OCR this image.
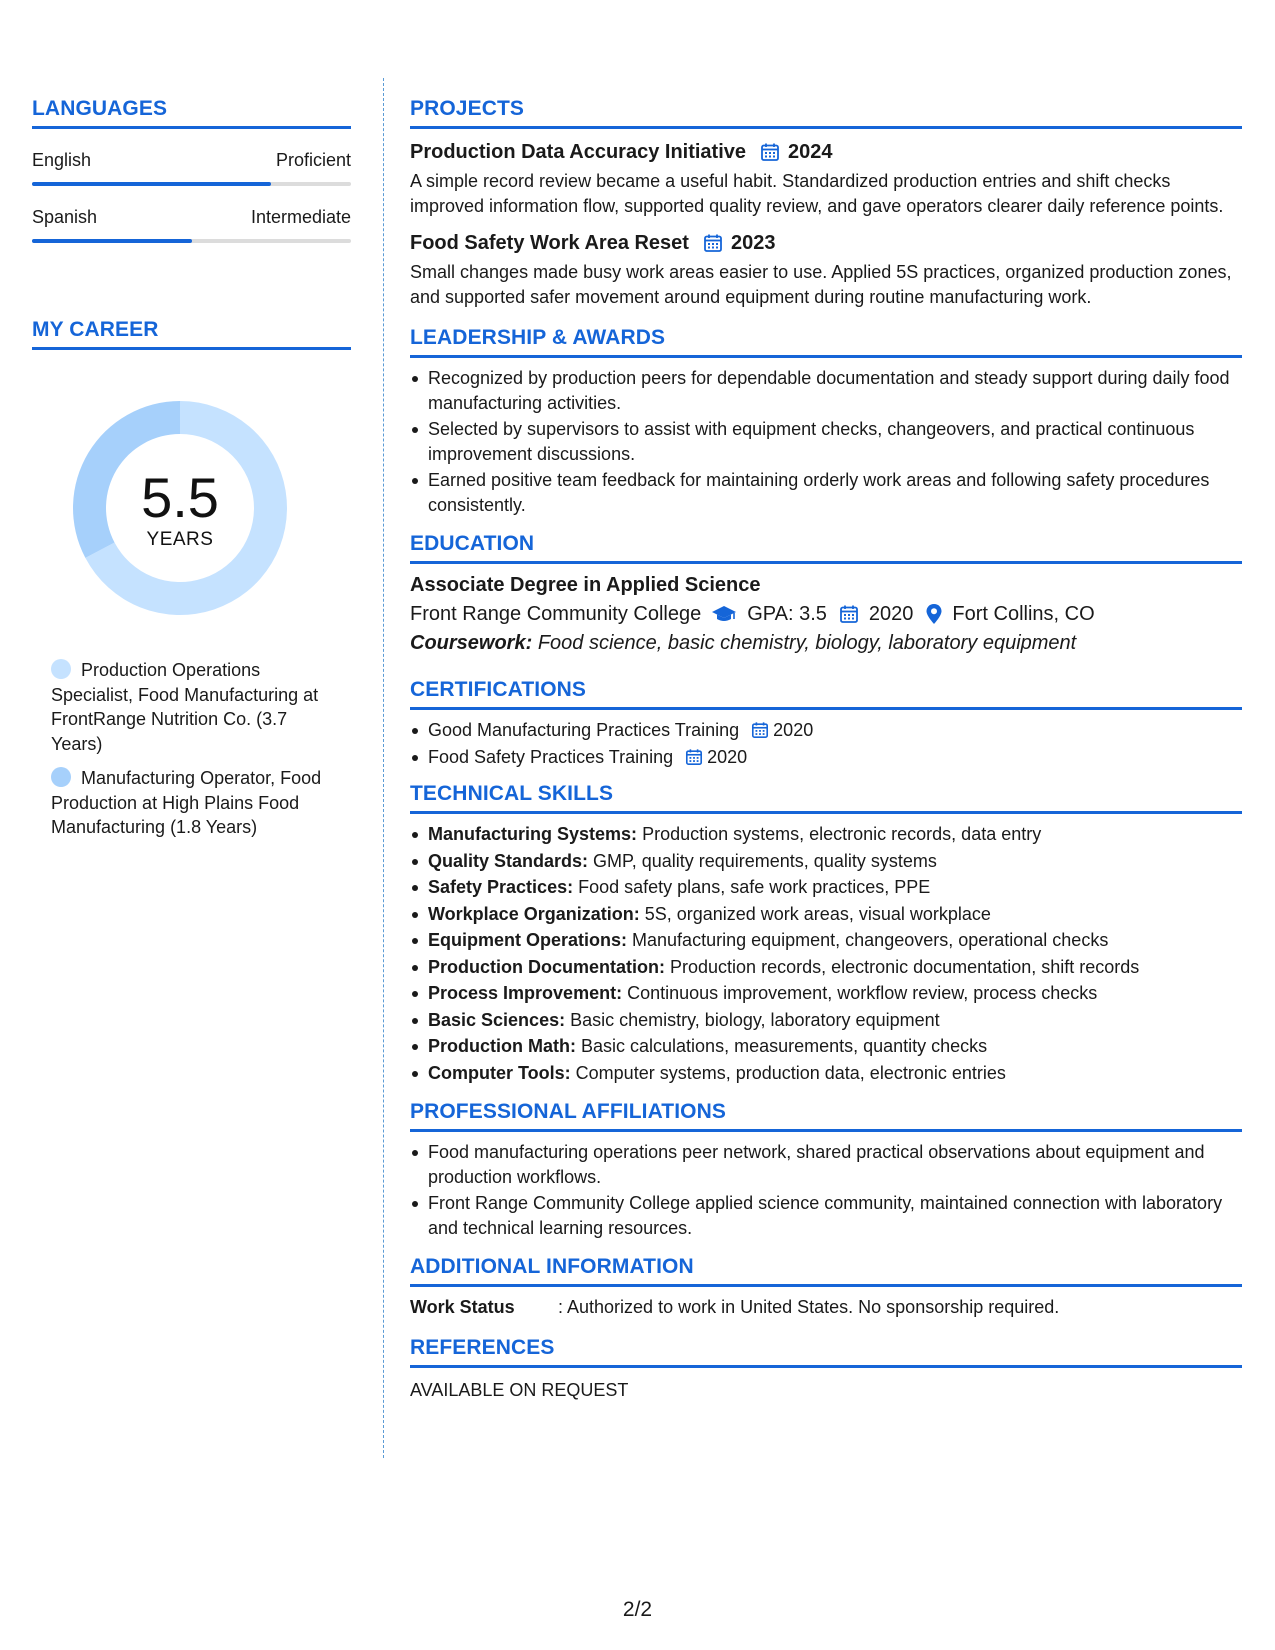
LANGUAGES
English	Proficient
Spanish	Intermediate
MY CAREER
5.5
YEARS
Production Operations Specialist, Food Manufacturing at FrontRange Nutrition Co. (3.7 Years)
Manufacturing Operator, Food Production at High Plains Food Manufacturing (1.8 Years)
PROJECTS
Production Data Accuracy Initiative 2024

A simple record review became a useful habit. Standardized production entries and shift checks improved information flow, supported quality review, and gave operators clearer daily reference points.

Food Safety Work Area Reset 2023

Small changes made busy work areas easier to use. Applied 5S practices, organized production zones, and supported safer movement around equipment during routine manufacturing work.

LEADERSHIP & AWARDS
Recognized by production peers for dependable documentation and steady support during daily food manufacturing activities.
Selected by supervisors to assist with equipment checks, changeovers, and practical continuous improvement discussions.
Earned positive team feedback for maintaining orderly work areas and following safety procedures consistently.
EDUCATION
Associate Degree in Applied Science
Front Range Community College GPA: 3.5 2020 Fort Collins, CO
Coursework: Food science, basic chemistry, biology, laboratory equipment
CERTIFICATIONS
Good Manufacturing Practices Training 2020
Food Safety Practices Training 2020
TECHNICAL SKILLS
Manufacturing Systems: Production systems, electronic records, data entry
Quality Standards: GMP, quality requirements, quality systems
Safety Practices: Food safety plans, safe work practices, PPE
Workplace Organization: 5S, organized work areas, visual workplace
Equipment Operations: Manufacturing equipment, changeovers, operational checks
Production Documentation: Production records, electronic documentation, shift records
Process Improvement: Continuous improvement, workflow review, process checks
Basic Sciences: Basic chemistry, biology, laboratory equipment
Production Math: Basic calculations, measurements, quantity checks
Computer Tools: Computer systems, production data, electronic entries
PROFESSIONAL AFFILIATIONS
Food manufacturing operations peer network, shared practical observations about equipment and production workflows.
Front Range Community College applied science community, maintained connection with laboratory and technical learning resources.
ADDITIONAL INFORMATION
Work Status	: Authorized to work in United States. No sponsorship required.
REFERENCES
AVAILABLE ON REQUEST
2/2
